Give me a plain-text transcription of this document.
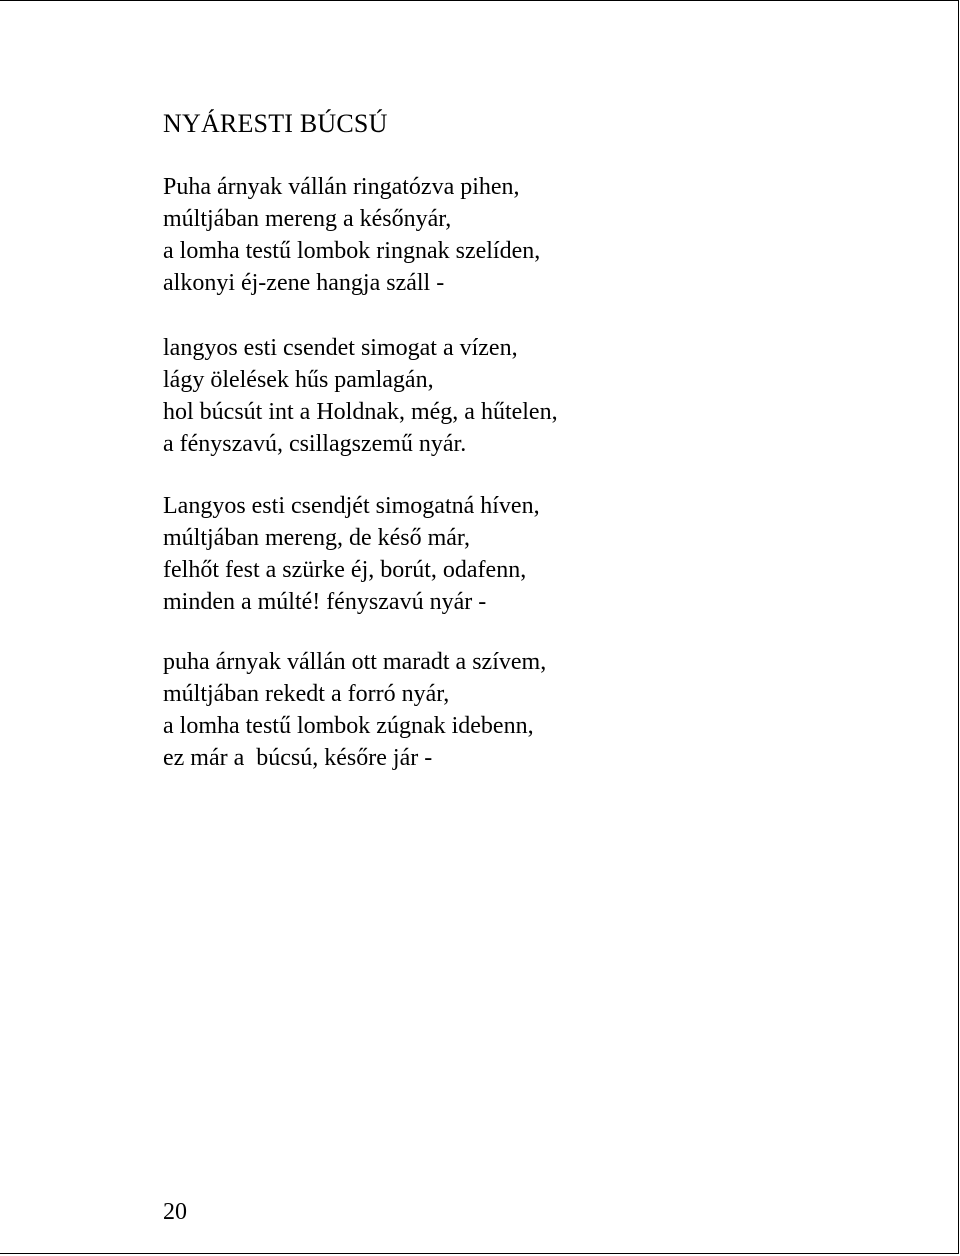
NYÁRESTI BÚCSÚ
Puha árnyak vállán ringatózva pihen,
múltjában mereng a későnyár,
a lomha testű lombok ringnak szelíden,
alkonyi éj-zene hangja száll -
langyos esti csendet simogat a vízen,
lágy ölelések hűs pamlagán,
hol búcsút int a Holdnak, még, a hűtelen,
a fényszavú, csillagszemű nyár.
Langyos esti csendjét simogatná híven,
múltjában mereng, de késő már,
felhőt fest a szürke éj, borút, odafenn,
minden a múlté! fényszavú nyár -
puha árnyak vállán ott maradt a szívem,
múltjában rekedt a forró nyár,
a lomha testű lombok zúgnak idebenn,
ez már a  búcsú, későre jár -
20
